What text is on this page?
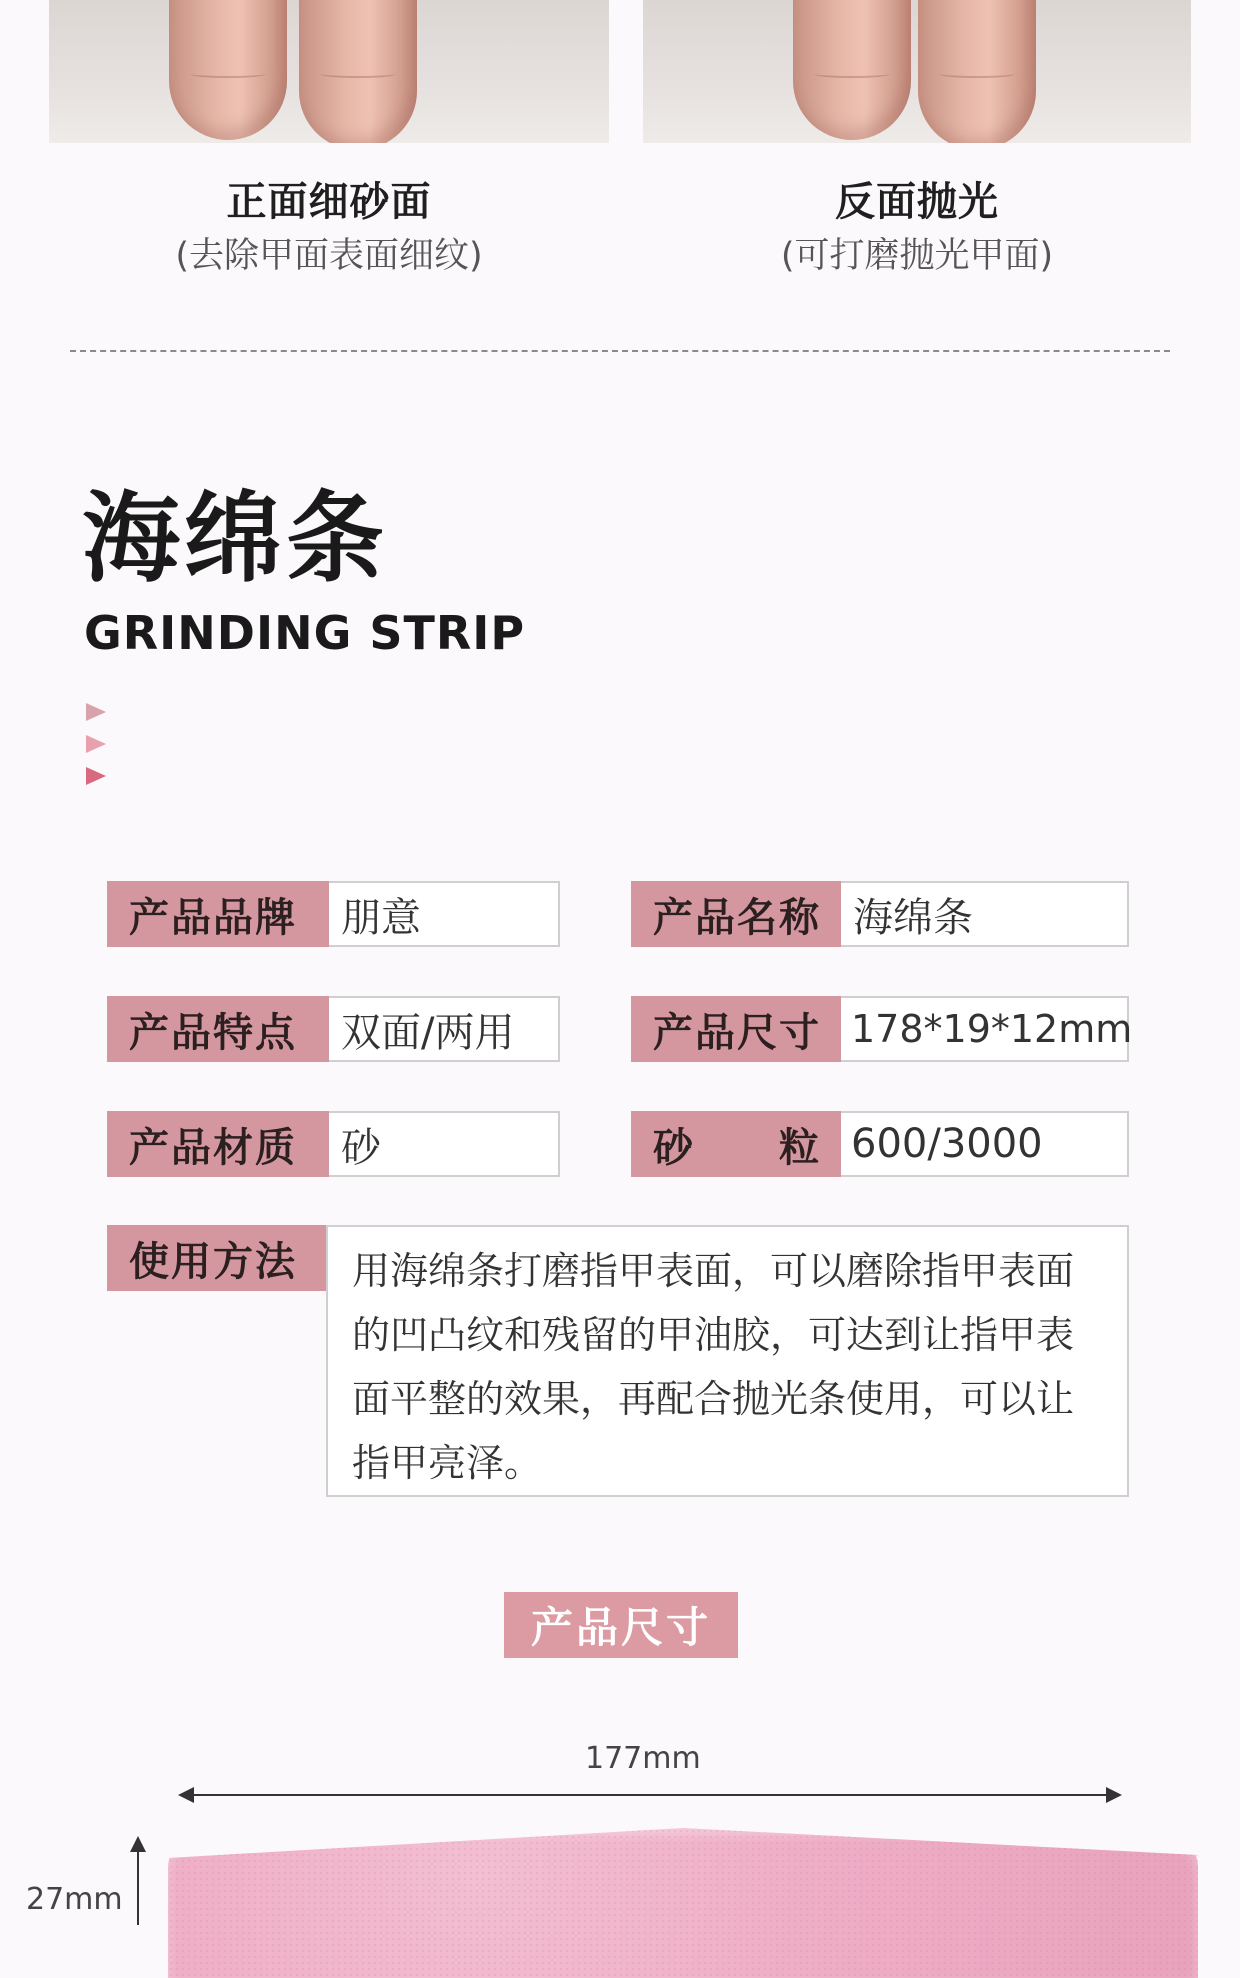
正面细砂面
(去除甲面表面细纹)
反面抛光
(可打磨抛光甲面)
海绵条
GRINDING STRIP
产品品牌	朋意	产品名称 海绵条
产品特点	双面/两用	产品尺寸 178*19*12mm
产品材质	砂	砂　　粒 600/3000
使用方法	用海绵条打磨指甲表面，可以磨除指甲表面的凹凸纹和残留的甲油胶，可达到让指甲表面平整的效果，再配合抛光条使用，可以让指甲亮泽。
产品尺寸
177mm
27mm
